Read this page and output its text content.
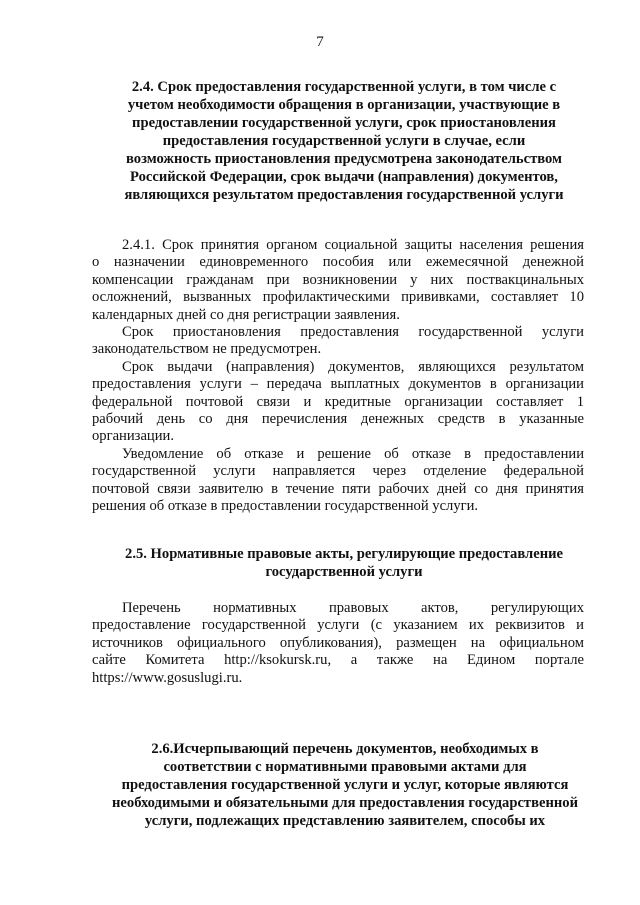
7
2.4. Срок предоставления государственной услуги, в том числе с
учетом необходимости обращения в организации, участвующие в
предоставлении государственной услуги, срок приостановления
предоставления государственной услуги в случае, если
возможность приостановления предусмотрена законодательством
Российской Федерации, срок выдачи (направления) документов,
являющихся результатом предоставления государственной услуги
2.4.1. Срок принятия органом социальной защиты населения решения
о назначении единовременного пособия или ежемесячной денежной
компенсации гражданам при возникновении у них поствакцинальных
осложнений, вызванных профилактическими прививками, составляет 10
календарных дней со дня регистрации заявления.
Срок приостановления предоставления государственной услуги
законодательством не предусмотрен.
Срок выдачи (направления) документов, являющихся результатом
предоставления услуги – передача выплатных документов в организации
федеральной почтовой связи и кредитные организации составляет 1
рабочий день со дня перечисления денежных средств в указанные
организации.
Уведомление об отказе и решение об отказе в предоставлении
государственной услуги направляется через отделение федеральной
почтовой связи заявителю в течение пяти рабочих дней со дня принятия
решения об отказе в предоставлении государственной услуги.
2.5. Нормативные правовые акты, регулирующие предоставление
государственной услуги
Перечень нормативных правовых актов, регулирующих
предоставление государственной услуги (с указанием их реквизитов и
источников официального опубликования), размещен на официальном
сайте Комитета http://ksokursk.ru, а также на Едином портале
https://www.gosuslugi.ru.
2.6.Исчерпывающий перечень документов, необходимых в
соответствии с нормативными правовыми актами для
предоставления государственной услуги и услуг, которые являются
необходимыми и обязательными для предоставления государственной
услуги, подлежащих представлению заявителем, способы их
